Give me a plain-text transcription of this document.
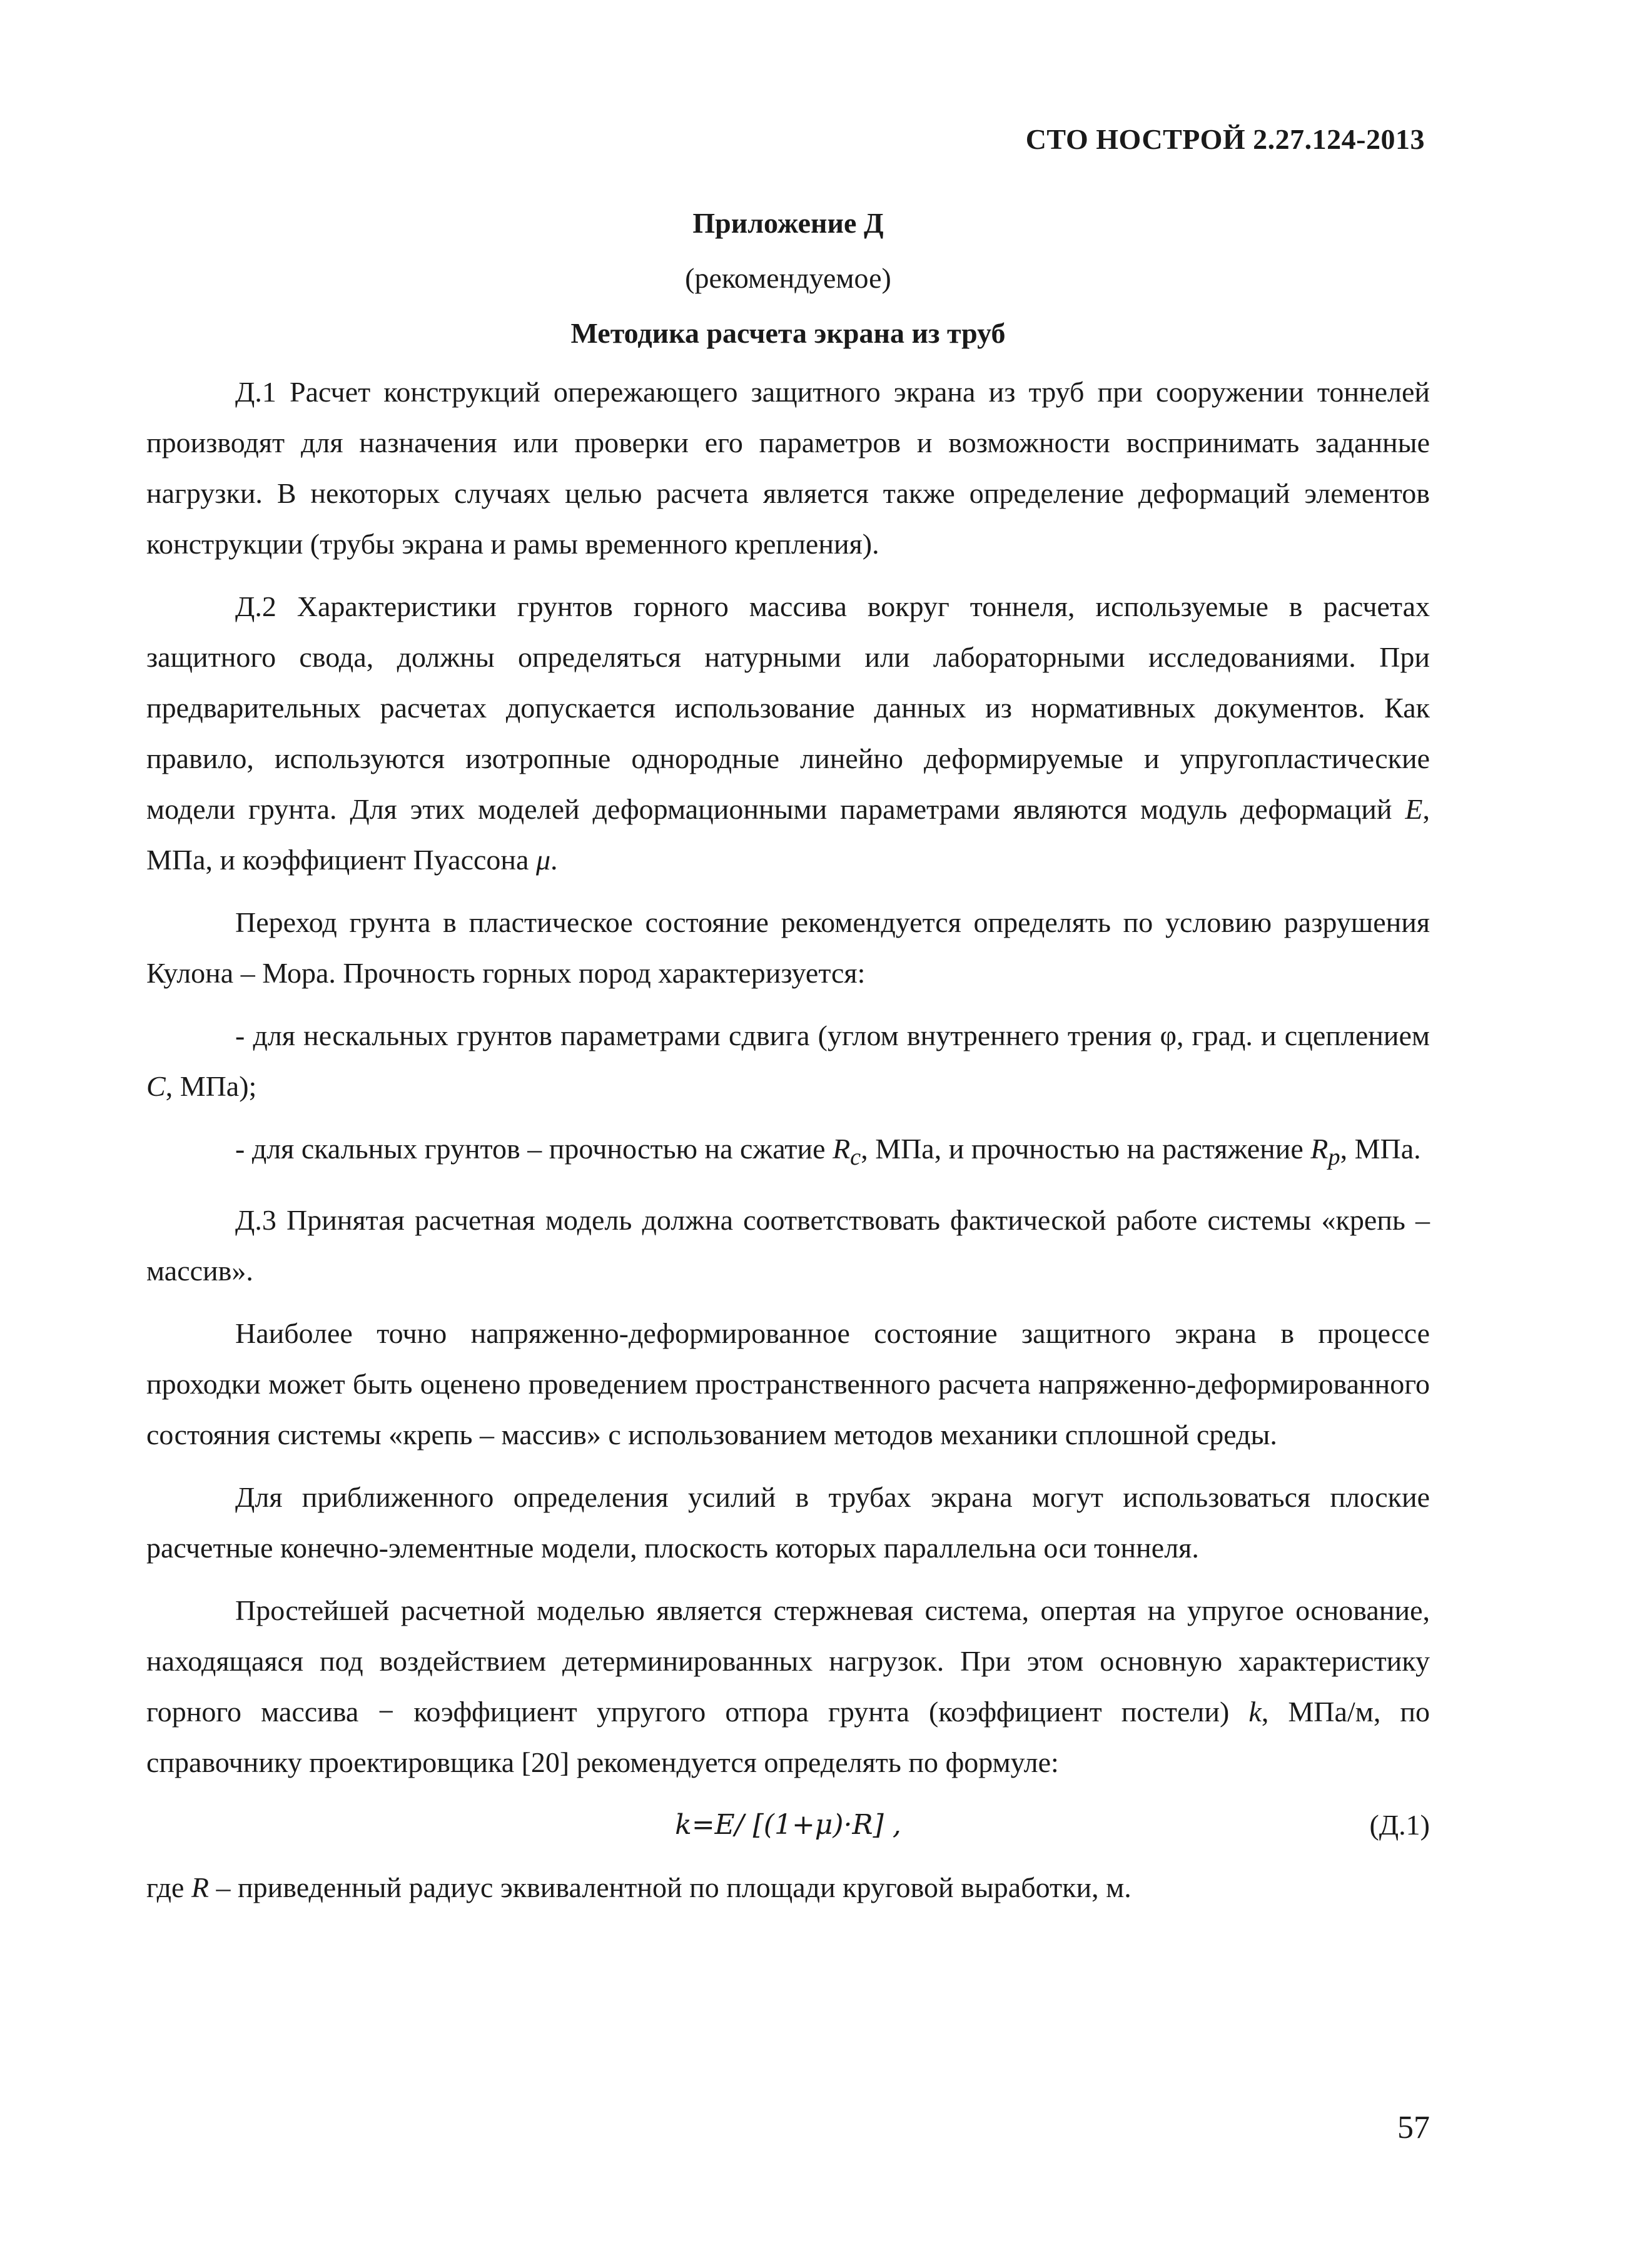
СТО НОСТРОЙ 2.27.124-2013
Приложение Д
(рекомендуемое)
Методика расчета экрана из труб

Д.1 Расчет конструкций опережающего защитного экрана из труб при сооружении тоннелей производят для назначения или проверки его параметров и возможности воспринимать заданные нагрузки. В некоторых случаях целью расчета является также определение деформаций элементов конструкции (трубы экрана и рамы временного крепления).

Д.2 Характеристики грунтов горного массива вокруг тоннеля, используемые в расчетах защитного свода, должны определяться натурными или лабораторными исследованиями. При предварительных расчетах допускается использование данных из нормативных документов. Как правило, используются изотропные однородные линейно деформируемые и упругопластические модели грунта. Для этих моделей деформационными параметрами являются модуль деформаций E, МПа, и коэффициент Пуассона μ.

Переход грунта в пластическое состояние рекомендуется определять по условию разрушения Кулона – Мора. Прочность горных пород характеризуется:

- для нескальных грунтов параметрами сдвига (углом внутреннего трения φ, град. и сцеплением C, МПа);

- для скальных грунтов – прочностью на сжатие $R_c$, МПа, и прочностью на растяжение $R_p$, МПа.

Д.3 Принятая расчетная модель должна соответствовать фактической работе системы «крепь – массив».

Наиболее точно напряженно-деформированное состояние защитного экрана в процессе проходки может быть оценено проведением пространственного расчета напряженно-деформированного состояния системы «крепь – массив» с использованием методов механики сплошной среды.

Для приближенного определения усилий в трубах экрана могут использоваться плоские расчетные конечно-элементные модели, плоскость которых параллельна оси тоннеля.

Простейшей расчетной моделью является стержневая система, опертая на упругое основание, находящаяся под воздействием детерминированных нагрузок. При этом основную характеристику горного массива − коэффициент упругого отпора грунта (коэффициент постели) k, МПа/м, по справочнику проектировщика [20] рекомендуется определять по формуле:

k=E/ [(1+μ)·R] ,	(Д.1)

где R – приведенный радиус эквивалентной по площади круговой выработки, м.

57
